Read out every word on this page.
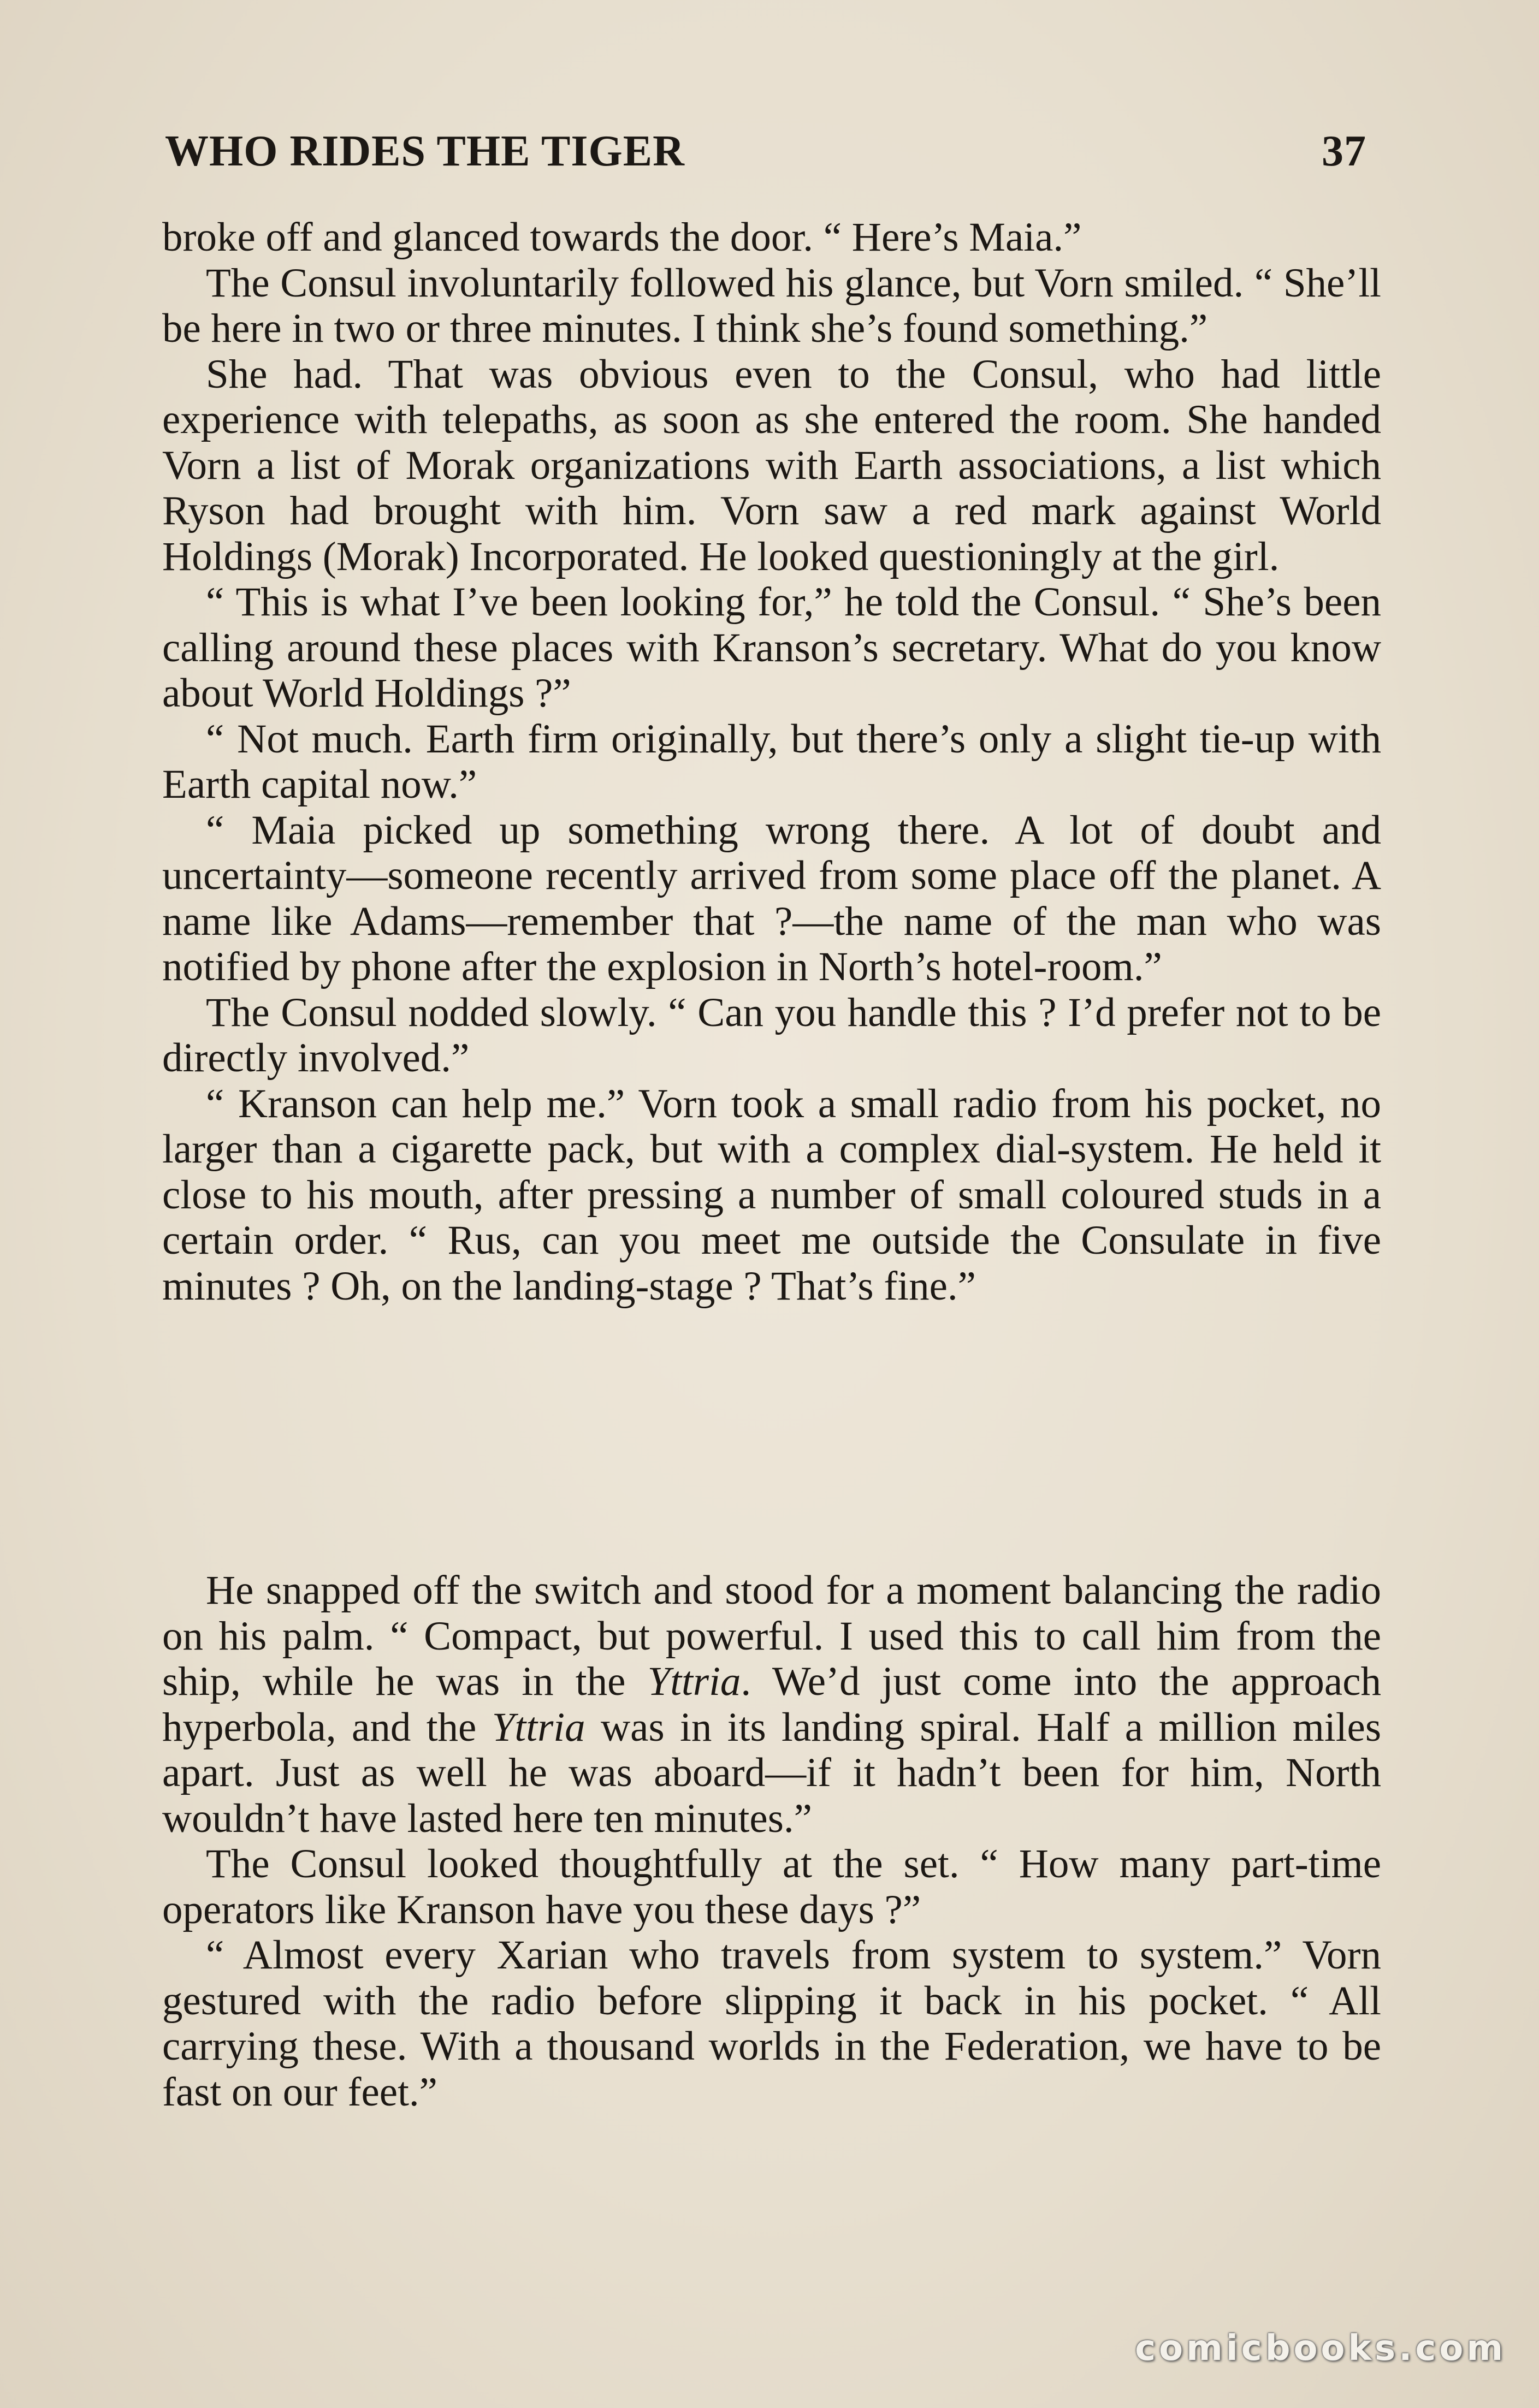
WHO RIDES THE TIGER	37

broke off and glanced towards the door. “ Here’s Maia.”

The Consul involuntarily followed his glance, but Vorn smiled. “ She’ll be here in two or three minutes. I think she’s found something.”

She had. That was obvious even to the Consul, who had little experience with telepaths, as soon as she entered the room. She handed Vorn a list of Morak organizations with Earth associations, a list which Ryson had brought with him. Vorn saw a red mark against World Holdings (Morak) Incorporated. He looked questioningly at the girl.

“ This is what I’ve been looking for,” he told the Consul. “ She’s been calling around these places with Kranson’s secretary. What do you know about World Holdings ?”

“ Not much. Earth firm originally, but there’s only a slight tie-up with Earth capital now.”

“ Maia picked up something wrong there. A lot of doubt and uncertainty—someone recently arrived from some place off the planet. A name like Adams—remember that ?—the name of the man who was notified by phone after the explosion in North’s hotel-room.”

The Consul nodded slowly. “ Can you handle this ? I’d prefer not to be directly involved.”

“ Kranson can help me.” Vorn took a small radio from his pocket, no larger than a cigarette pack, but with a complex dial-system. He held it close to his mouth, after pressing a number of small coloured studs in a certain order. “ Rus, can you meet me outside the Consulate in five minutes ? Oh, on the landing-stage ? That’s fine.”

He snapped off the switch and stood for a moment balancing the radio on his palm. “ Compact, but powerful. I used this to call him from the ship, while he was in the Yttria. We’d just come into the approach hyperbola, and the Yttria was in its landing spiral. Half a million miles apart. Just as well he was aboard—if it hadn’t been for him, North wouldn’t have lasted here ten minutes.”

The Consul looked thoughtfully at the set. “ How many part-time operators like Kranson have you these days ?”

“ Almost every Xarian who travels from system to system.” Vorn gestured with the radio before slipping it back in his pocket. “ All carrying these. With a thousand worlds in the Federation, we have to be fast on our feet.”

comicbooks.com
